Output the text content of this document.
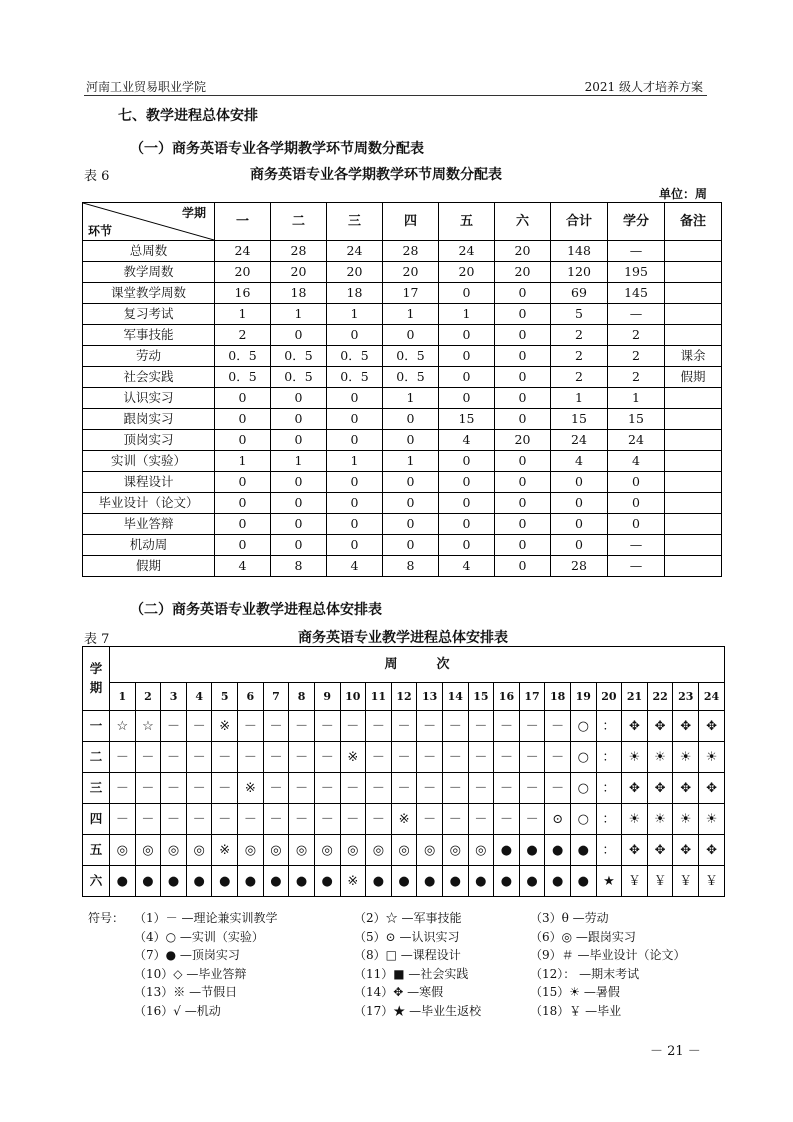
河南工业贸易职业学院	2021 级人才培养方案
七、教学进程总体安排
（一）商务英语专业各学期教学环节周数分配表
表 6	商务英语专业各学期教学环节周数分配表
单位：周
学期
环节	一	二	三	四	五	六	合计	学分	备注
总周数	24	28	24	28	24	20	148	—	
教学周数	20	20	20	20	20	20	120	195	
课堂教学周数	16	18	18	17	0	0	69	145	
复习考试	1	1	1	1	1	0	5	—	
军事技能	2	0	0	0	0	0	2	2	
劳动	0．5	0．5	0．5	0．5	0	0	2	2	课余
社会实践	0．5	0．5	0．5	0．5	0	0	2	2	假期
认识实习	0	0	0	1	0	0	1	1	
跟岗实习	0	0	0	0	15	0	15	15	
顶岗实习	0	0	0	0	4	20	24	24	
实训（实验）	1	1	1	1	0	0	4	4	
课程设计	0	0	0	0	0	0	0	0	
毕业设计（论文）	0	0	0	0	0	0	0	0	
毕业答辩	0	0	0	0	0	0	0	0	
机动周	0	0	0	0	0	0	0	—	
假期	4	8	4	8	4	0	28	—	
（二）商务英语专业教学进程总体安排表
表 7	商务英语专业教学进程总体安排表
学期	周　　　次																							
	1	2	3	4	5	6	7	8	9	10	11	12	13	14	15	16	17	18	19	20	21	22	23	24
一	☆	☆	－	－	※	－	－	－	－	－	－	－	－	－	－	－	－	－	○	：	✥	✥	✥	✥
二	－	－	－	－	－	－	－	－	－	※	－	－	－	－	－	－	－	－	○	：	☀	☀	☀	☀
三	－	－	－	－	－	※	－	－	－	－	－	－	－	－	－	－	－	－	○	：	✥	✥	✥	✥
四	－	－	－	－	－	－	－	－	－	－	－	※	－	－	－	－	－	⊙	○	：	☀	☀	☀	☀
五	◎	◎	◎	◎	※	◎	◎	◎	◎	◎	◎	◎	◎	◎	◎	●	●	●	●	：	✥	✥	✥	✥
六	●	●	●	●	●	●	●	●	●	※	●	●	●	●	●	●	●	●	●	★	￥	￥	￥	￥
符号： （1）－ —理论兼实训教学	（2）☆ —军事技能	（3）θ —劳动
（4）○ —实训（实验）	（5）⊙ —认识实习	（6）◎ —跟岗实习
（7）● —顶岗实习	（8）□ —课程设计	（9）＃ —毕业设计（论文）
（10）◇ —毕业答辩	（11）■ —社会实践	（12）： —期末考试
（13）※ —节假日	（14）✥ —寒假	（15）☀ —暑假
（16）√ —机动	（17）★ —毕业生返校	（18）￥ —毕业
－ 21 －
